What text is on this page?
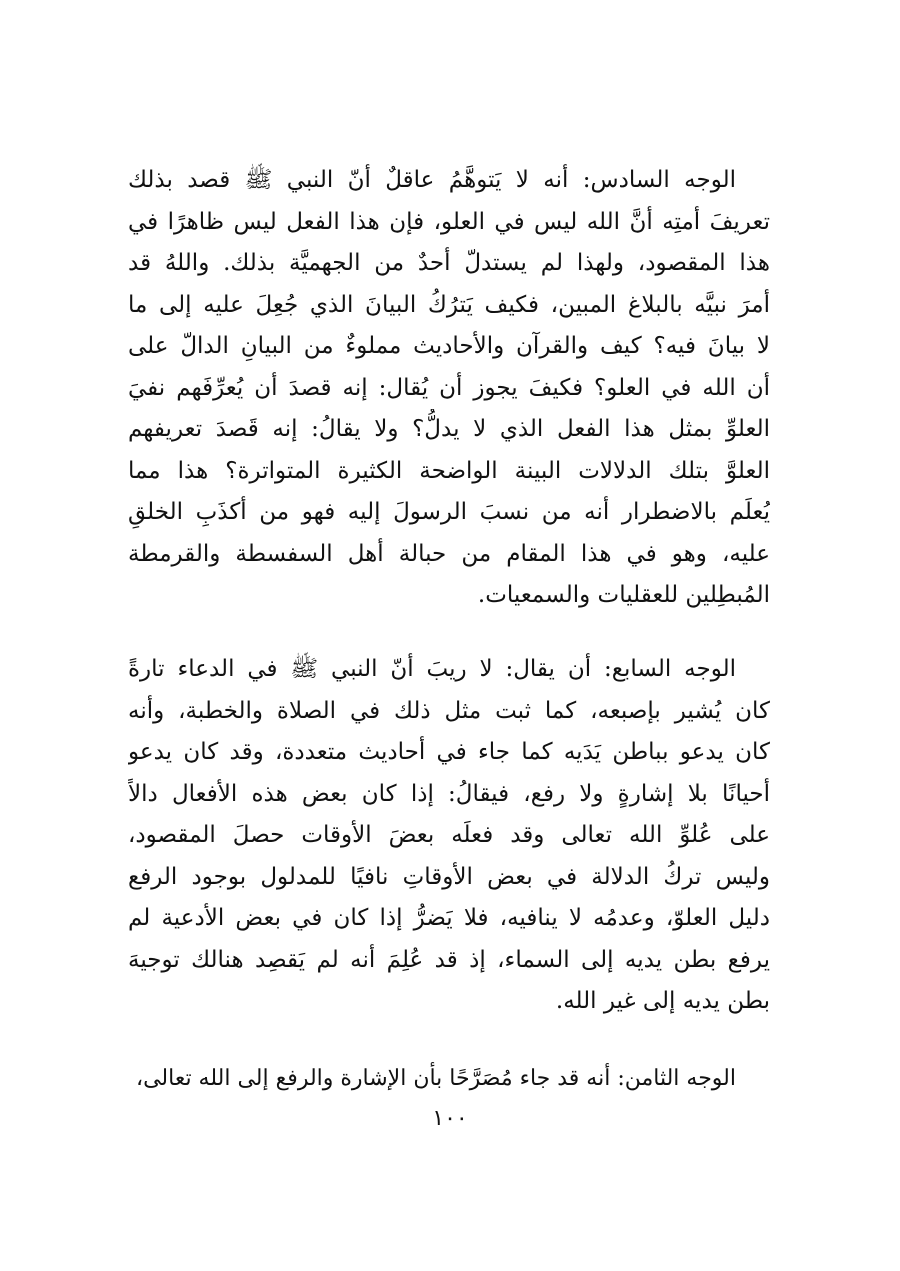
الوجه السادس: أنه لا يَتوهَّمُ عاقلٌ أنّ النبي ﷺ قصد بذلك
تعريفَ أمتِه أنَّ الله ليس في العلو، فإن هذا الفعل ليس ظاهرًا في
هذا المقصود، ولهذا لم يستدلّ أحدٌ من الجهميَّة بذلك. واللهُ قد
أمرَ نبيَّه بالبلاغ المبين، فكيف يَترُكُ البيانَ الذي جُعِلَ عليه إلى ما
لا بيانَ فيه؟ كيف والقرآن والأحاديث مملوءٌ من البيانِ الدالّ على
أن الله في العلو؟ فكيفَ يجوز أن يُقال: إنه قصدَ أن يُعرِّفَهم نفيَ
العلوِّ بمثل هذا الفعل الذي لا يدلُّ؟ ولا يقالُ: إنه قَصدَ تعريفهم
العلوَّ بتلك الدلالات البينة الواضحة الكثيرة المتواترة؟ هذا مما
يُعلَم بالاضطرار أنه من نسبَ الرسولَ إليه فهو من أكذَبِ الخلقِ
عليه، وهو في هذا المقام من حبالة أهل السفسطة والقرمطة
المُبطِلين للعقليات والسمعيات.
الوجه السابع: أن يقال: لا ريبَ أنّ النبي ﷺ في الدعاء تارةً
كان يُشير بإصبعه، كما ثبت مثل ذلك في الصلاة والخطبة، وأنه
كان يدعو بباطن يَدَيه كما جاء في أحاديث متعددة، وقد كان يدعو
أحيانًا بلا إشارةٍ ولا رفع، فيقالُ: إذا كان بعض هذه الأفعال دالاً
على عُلوِّ الله تعالى وقد فعلَه بعضَ الأوقات حصلَ المقصود،
وليس تركُ الدلالة في بعض الأوقاتِ نافيًا للمدلول بوجود الرفع
دليل العلوّ، وعدمُه لا ينافيه، فلا يَضرُّ إذا كان في بعض الأدعية لم
يرفع بطن يديه إلى السماء، إذ قد عُلِمَ أنه لم يَقصِد هنالك توجيهَ
بطن يديه إلى غير الله.
الوجه الثامن: أنه قد جاء مُصَرَّحًا بأن الإشارة والرفع إلى الله تعالى،
١٠٠
